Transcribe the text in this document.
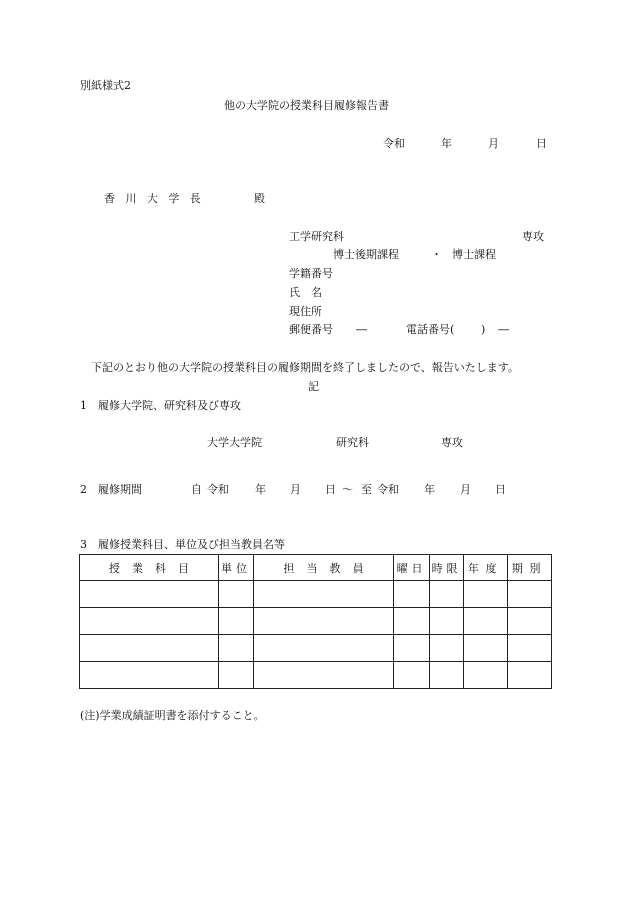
別紙様式2
他の大学院の授業科目履修報告書
令和	年	月	日
香川大学長	殿
工学研究科	専攻
博士後期課程	・ 博士課程
学籍番号
氏　名
現住所
郵便番号 ―	電話番号( ) ―
下記のとおり他の大学院の授業科目の履修期間を終了しましたので、報告いたします。
記
1　履修大学院、研究科及び専攻
大学大学院	研究科	専攻
2　履修期間	自 令和 年 月 日 ～ 至 令和 年 月 日
3　履修授業科目、単位及び担当教員名等
授業科目	単位	担当教員	曜日	時限	年度	期別

(注)学業成績証明書を添付すること。
